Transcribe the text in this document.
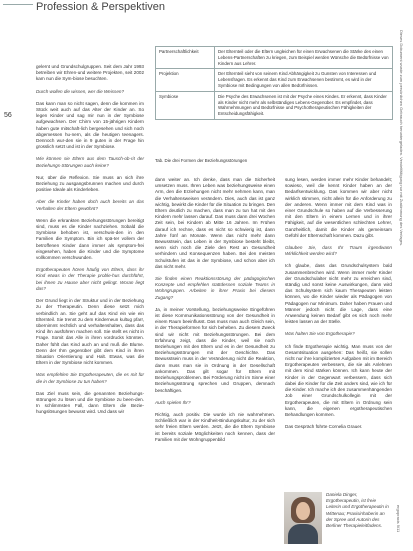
Profession & Perspektiven
56

gelernt und Grundschulgruppen. Seit dem Jahr 1993 betreiben wir Ehren-und weitere Projekten, seit 2002 kam nun die Sym-biose besuchten.

Durch wollen die wissen, wer die Weissen?

Das kann man so nicht sagen, denn die kommen im Stück weit auch auf das Alter der Kinder an. So legen Kinder und sag mir nun in der Symbiose aufgewachsen. Der Chirm von 15-jährigen Kindern haben gute mitschaft-lich bergesehen und sich noch abgemessen hu-nern, als die heutigen teenagers. Dennoch wur-den sie in 9 guten in der Frage hin grosslich setzt und ist in der Symbiose.

Wie können sie Eltern aus dem Tausch-ob-rit der Beziehungs-Störungen auch keine?

Nur, über die Reflexion. Sie muss an sich ihre Beziehung zu ausgangsbrunnen machen und durch positive Ideale als Kinderleben.

Aber die Kinder haben doch auch bereits an das Verhalten der Eltern gewöhnt?

Wenn die erkrankten Beziehungsstörungen bereitigt sind, muss es die Kinder nachziehen. Sobald die Symbiose behoben ist, verschwin-den in den Familien die Symptom. Bin ich spä-ter vollem der betroffenen Kinder dann immer als symptom-frei eingesehen, haben die Kinder und die Symptome vollkommen verschwunden.

Ergotherapeuten hören häufig von Eltern, dass ihr Kind etwas in der Therapie proble-hus durchführt, bei ihnen zu Hause aber nicht gelingt. Woran liegt das?

Der Grund liegt in der Struktur und in der Beziehung zu der Therapeutin. Denn diese setzt mich verbindlich an. Sie geht auf das Kind ein wie ein Elternteil. Sie trennt zu dem Kinderneun kultug pfarr, übernimmt rechtlich und verhaltenshalten, dass das Kind ihn ausführen machen soll. Sie stellt es nicht in Frage. Somit das Alle in ihren vordrucks könnten. Daher fühlt das Kind auch an und muß die Blume. Denn der Ihm gegenüber gibt dem Kind in ihren Situation Orientierung und Halt. Etwas, was die Eltern in der Symbiose nicht kommen.

Was empfehlen Sie Ergotherapeuten, die es mit für die in der Symbiose zu tun haben?

Das Ziel muss sein, die genannten Beziehungs-störungen zu lösen und die Symbiose zu been-den. In schlimmsten Fall, dann Eltern die Bezie-hungslösungen bewusst wird. Und dass wir

Partnerschaftlichkeit	Der Elternteil oder die Eltern ungleichen für einen Erwachsenen die Stärke des einen Lebens-Partnerschaften zu kriegen, zum Beispiel werden Wünsche die Bedürfnisse von Kindern aus Lehrer.
Projektion	Der Elternteil sieht von seinem Kind Abhängigkeit zu Gunsten von Interessen und Lebensfragen. Es erkennt das Kind zum Erwachsenen bestimmt, es wird in der Symbiose mit Bedingungen von allen Bedürfnissen.
Symbiose	Die Psyche des Erwachsenen ist mit der Psyche eines Kindes. Er erkennt, dass Kinder als Kinder nicht mehr als selbständiges Lebens-Gegenüber. Es empfindet, dass Wahrnehmungen und Bedürfnisse und Psychotherapeutischen Fähigkeiten der Entscheidungsfähigkeit.
Tab. Die drei Formen der Beziehungsstörungen

dann weiter an. Ich denke, dass man die Sicherheit umsetzen muss. Ihren Leben was beziehungsweise einen Arm, den die Erziehungen nicht mehr nehmen kann, man die Verhaltensweisen verändern. Dies, auch das ist ganz wichtig, bewirkt die Kinder für die Situation zu bringen. Den Eltern deutlich zu machen, dass man zu tun hat mit den Kindern mehr lassen darauf. Das muss dann drei Wochen Zeit sein, bei Kindern ab Mitte 16 Jahren. Im Frühen darauf ich rechne, dass es nicht so schwierig ist, dann Jahre fünf an Monate. Wenn das nicht mehr dann Bewusstsein, das Leben in der Symbiose besteht bleibt, wenn sich noch die Ziele den Rest an Gesundheit verhindern und Konsequenzen haben. Bei den meisten Schulstufen ist das in der Symbiose, und schon aber ich das nicht mehr.

Sie finden einen Reaktionsstörung der pädagogischen Konzepte und empfehlen stattdessen soziale Teams in Wohngruppen. Arbeiten in ihrer Praxis bei diesem Zugang?

Ja, in meiner Vorstellung, beziehungsweise Eingeführen ist diese Kommunikationsstörung von der Gesundheit in einem Raum beeinflusst. Das muss man auch Gleich sein, in der Therapieformen für sich beheben. Zu diesem Zweck sind wir nicht mit Beziehungsstörungen. Bei dem Erfahrung zeigt, dass die Kinder, weil sie noch Beziehungen mit den Eltern und es in der Gesundheit zu Beziehungsstörungen mit der Geschichte. Das Bewusstsein muss in der Veränderung nicht die Reaktion, dann muss man sie in Ordnung in der Gesellschaft ankommen. Das gilt sogar für Eltern mit Beziehungsproblemen. Bei Förderung nicht im Sinne einer Beziehungsstörung sprechen und Gruppen, demnach beschäftigen.

Auch spielen Ihr?

Richtig, auch positiv. Die wurde ich nie wahrnehmen. Schließlich war in der Kindheit-Bindungskultur, zu der sich sehr freien Eltern werden. Jetzt, die die Eltern Symbiose ist bereits soziale Möglichkeiten noch kennen, dass der Familien mit der Wohngruppenbild

sung lesen, werden immer mehr Kinder behandelt; sowieso, weil die kennt Kinder haben an der Bedarfsentwicklung. Das kommen wir aber nicht wirklich stimmen, nicht allein für die Anforderung zu der anderen. Wenn immer mit dem Kind was in einer Grundschule so haben auf die Verbesserung mit den Eltern in einem Lernen und in ihrer Fähigkeit, auf die wesentlichen schlechten Lehrer, Ganzheitlich, damit die Kinder als gemeinsam Gefühl der Elternschaft kommen. Dazu gibt.

Glauben Sie, dass Ihr Traum irgendwann Wirklichkeit werden wird?

Ich glaube, dass das Grundschulsystem bald zusammenbrechen wird. Wenn immer mehr Kinder der Grundschulalter nicht mehr zu erreichen sind, ständig und sonst keine Auswirkungen, dann wird das Schulsystem sich kaum Therapeuten leisten können, wo die Kinder wieder als Pädagogen von Pädagogen nur Minimum. Daher haben Frauen und Männer jedoch nicht die Lage, dass eine Anwendung keinen Bedarf gibt es sich noch mehr leisten lassen an der Stelle.

Was halten Sie von Ergotherapie?

Ich finde Ergotherapie wichtig. Man muss von der Gesamtsituation ausgehen: Das heißt, sie sollen nicht nur ihre komplizierten Aufgaben mit im Bereich Ergotherapeuten verbessern, die sie als Anlehnen mit dem Kind stärken können. Ich kann heute der Kinder in der Gegenwart verbessern, dass sich dabei die Kinder für die Zeit anders sind, wie ich für die Kinder. Ich mache ich den zusammenhängenden Job einer Grundschulkollegin mit der Ergotherapeuten, die mit Eltern in Ordnung sein kann, die eigenen ergotherapeutischen Behandlungen kommen.

Das Gespräch führte Cornelia Grauer.

Daniela Dinger, Ergotherapeutin, ist freie Leiterin und Ergotherapeutin in Wittenau; Praxisinhaberin an der Spree und Autorin des Berliner Therapieleitfadens.
Dieses Dokument wurde zum persönlichen Gebrauch heruntergeladen. Vervielfältigung nur mit Zustimmung des Verlages.
ergopraxis 9/11
